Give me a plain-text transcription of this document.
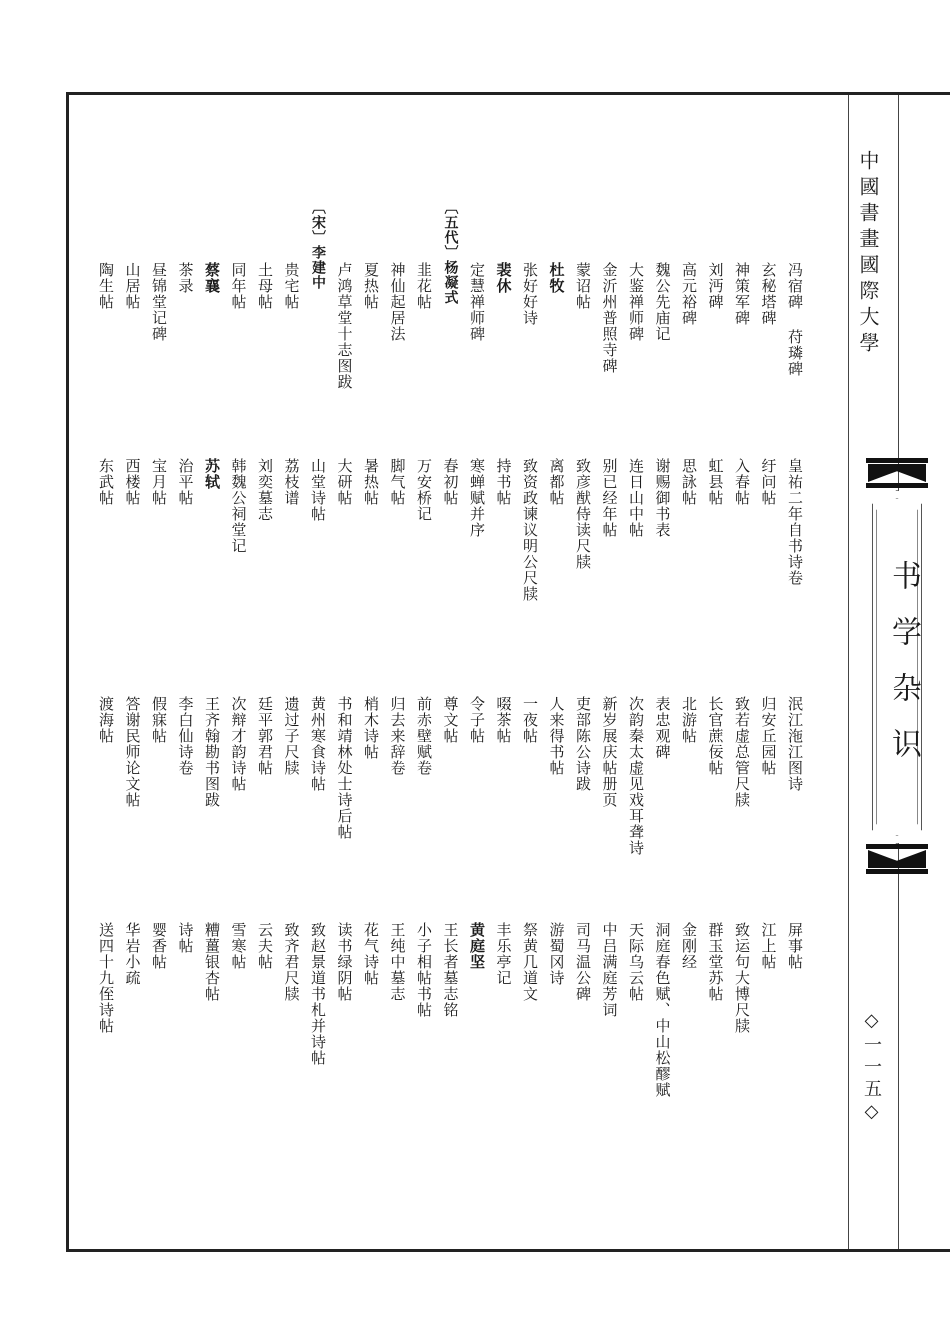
中國書畫國際大學
书学杂识
◇一一五◇
冯宿碑 苻璘碑
玄秘塔碑
神策军碑
刘沔碑
高元裕碑
魏公先庙记
大鉴禅师碑
金沂州普照寺碑
蒙诏帖
杜牧
张好好诗
裴休
定慧禅师碑
〔五代〕杨凝式
韭花帖
神仙起居法
夏热帖
卢鸿草堂十志图跋
〔宋〕李建中
贵宅帖
土母帖
同年帖
蔡襄
茶录
昼锦堂记碑
山居帖
陶生帖
皇祐二年自书诗卷
纡问帖
入春帖
虹县帖
思詠帖
谢赐御书表
连日山中帖
别已经年帖
致彦猷侍读尺牍
离都帖
致资政谏议明公尺牍
持书帖
寒蝉赋并序
春初帖
万安桥记
脚气帖
暑热帖
大研帖
山堂诗帖
荔枝谱
刘奕墓志
韩魏公祠堂记
苏轼
治平帖
宝月帖
西楼帖
东武帖
泯江沲江图诗
归安丘园帖
致若虚总管尺牍
长官蔗佞帖
北游帖
表忠观碑
次韵秦太虚见戏耳聋诗
新岁展庆帖册页
吏部陈公诗跋
人来得书帖
一夜帖
啜茶帖
令子帖
尊文帖
前赤壁赋卷
归去来辞卷
梢木诗帖
书和靖林处士诗后帖
黄州寒食诗帖
遗过子尺牍
廷平郭君帖
次辩才韵诗帖
王齐翰勘书图跋
李白仙诗卷
假寐帖
答谢民师论文帖
渡海帖
屏事帖
江上帖
致运句大博尺牍
群玉堂苏帖
金刚经
洞庭春色赋、中山松醪赋
天际乌云帖
中吕满庭芳词
司马温公碑
游蜀冈诗
祭黄几道文
丰乐亭记
黄庭坚
王长者墓志铭
小子相帖书帖
王纯中墓志
花气诗帖
读书绿阴帖
致赵景道书札并诗帖
致齐君尺牍
云夫帖
雪寒帖
糟薑银杏帖
诗帖
婴香帖
华岩小疏
送四十九侄诗帖
